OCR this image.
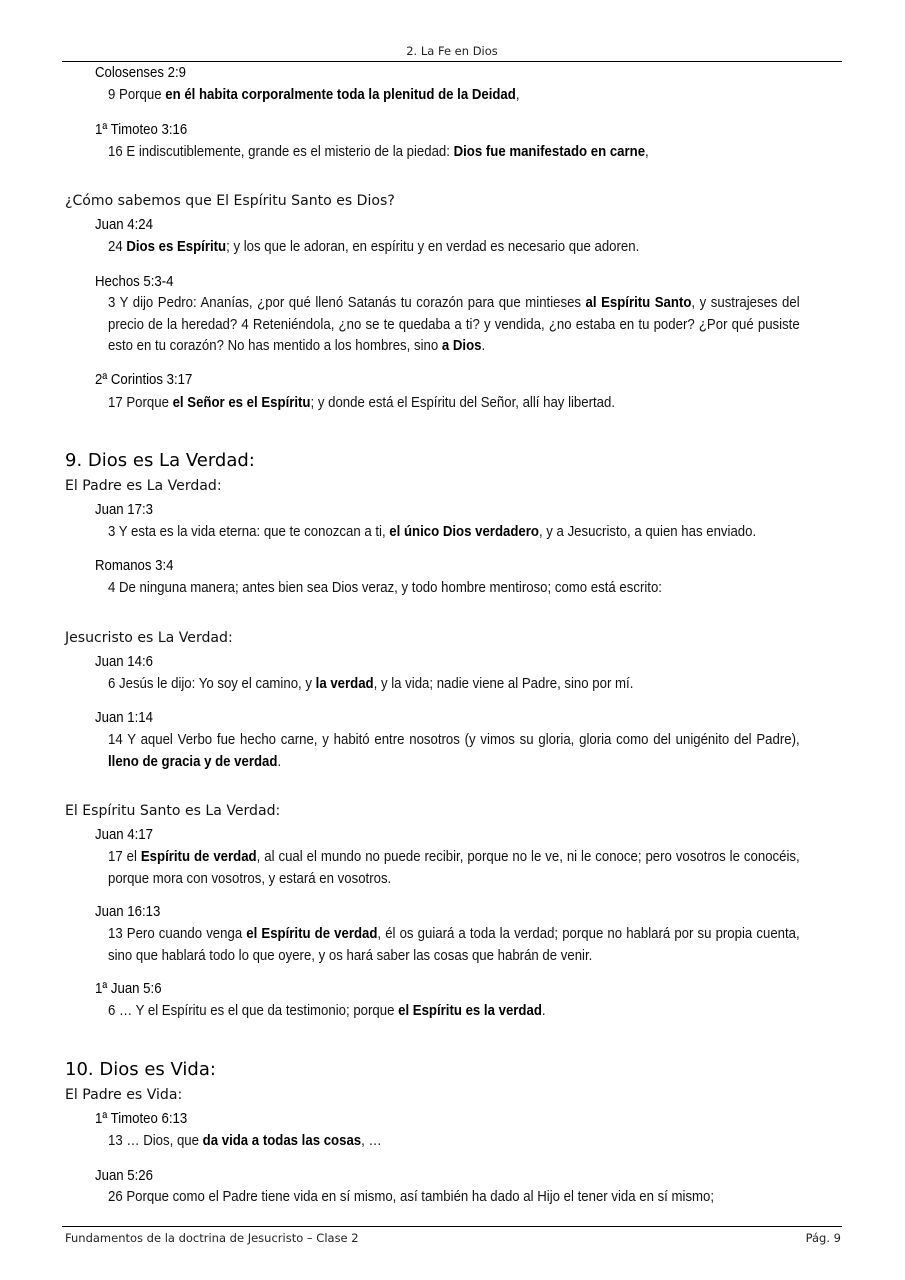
2. La Fe en Dios
Colosenses 2:9
9 Porque en él habita corporalmente toda la plenitud de la Deidad,
1ª Timoteo 3:16
16 E indiscutiblemente, grande es el misterio de la piedad: Dios fue manifestado en carne,
¿Cómo sabemos que El Espíritu Santo es Dios?
Juan 4:24
24 Dios es Espíritu; y los que le adoran, en espíritu y en verdad es necesario que adoren.
Hechos 5:3-4
3 Y dijo Pedro: Ananías, ¿por qué llenó Satanás tu corazón para que mintieses al Espíritu Santo, y sustrajeses del precio de la heredad? 4 Reteniéndola, ¿no se te quedaba a ti? y vendida, ¿no estaba en tu poder? ¿Por qué pusiste esto en tu corazón? No has mentido a los hombres, sino a Dios.
2ª Corintios 3:17
17 Porque el Señor es el Espíritu; y donde está el Espíritu del Señor, allí hay libertad.
9. Dios es La Verdad:
El Padre es La Verdad:
Juan 17:3
3 Y esta es la vida eterna: que te conozcan a ti, el único Dios verdadero, y a Jesucristo, a quien has enviado.
Romanos 3:4
4 De ninguna manera; antes bien sea Dios veraz, y todo hombre mentiroso; como está escrito:
Jesucristo es La Verdad:
Juan 14:6
6 Jesús le dijo: Yo soy el camino, y la verdad, y la vida; nadie viene al Padre, sino por mí.
Juan 1:14
14 Y aquel Verbo fue hecho carne, y habitó entre nosotros (y vimos su gloria, gloria como del unigénito del Padre), lleno de gracia y de verdad.
El Espíritu Santo es La Verdad:
Juan 4:17
17 el Espíritu de verdad, al cual el mundo no puede recibir, porque no le ve, ni le conoce; pero vosotros le conocéis, porque mora con vosotros, y estará en vosotros.
Juan 16:13
13 Pero cuando venga el Espíritu de verdad, él os guiará a toda la verdad; porque no hablará por su propia cuenta, sino que hablará todo lo que oyere, y os hará saber las cosas que habrán de venir.
1ª Juan 5:6
6 … Y el Espíritu es el que da testimonio; porque el Espíritu es la verdad.
10. Dios es Vida:
El Padre es Vida:
1ª Timoteo 6:13
13 … Dios, que da vida a todas las cosas, …
Juan 5:26
26 Porque como el Padre tiene vida en sí mismo, así también ha dado al Hijo el tener vida en sí mismo;
Fundamentos de la doctrina de Jesucristo – Clase 2	Pág. 9
